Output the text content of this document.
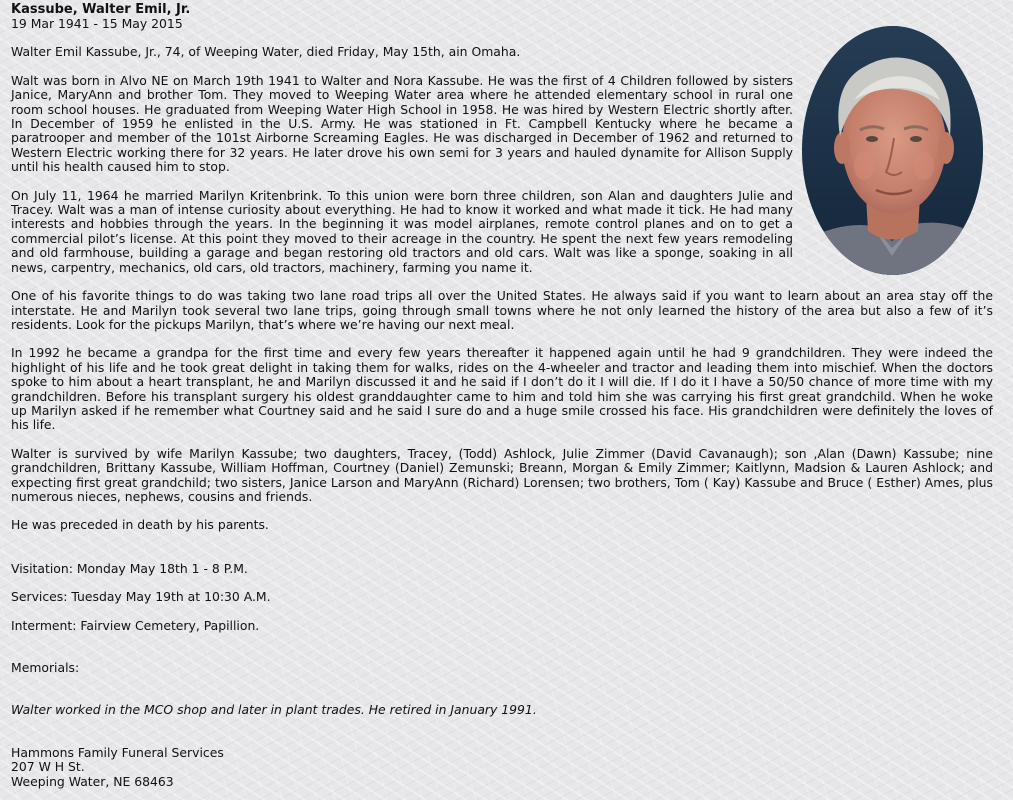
Kassube, Walter Emil, Jr.

19 Mar 1941 - 15 May 2015

Walter Emil Kassube, Jr., 74, of Weeping Water, died Friday, May 15th, ain Omaha.

Walt was born in Alvo NE on March 19th 1941 to Walter and Nora Kassube. He was the first of 4 Children followed by sisters Janice, MaryAnn and brother Tom. They moved to Weeping Water area where he attended elementary school in rural one room school houses. He graduated from Weeping Water High School in 1958. He was hired by Western Electric shortly after. In December of 1959 he enlisted in the U.S. Army. He was stationed in Ft. Campbell Kentucky where he became a paratrooper and member of the 101st Airborne Screaming Eagles. He was discharged in December of 1962 and returned to Western Electric working there for 32 years. He later drove his own semi for 3 years and hauled dynamite for Allison Supply until his health caused him to stop.

On July 11, 1964 he married Marilyn Kritenbrink. To this union were born three children, son Alan and daughters Julie and Tracey. Walt was a man of intense curiosity about everything. He had to know it worked and what made it tick. He had many interests and hobbies through the years. In the beginning it was model airplanes, remote control planes and on to get a commercial pilot’s license. At this point they moved to their acreage in the country. He spent the next few years remodeling and old farmhouse, building a garage and began restoring old tractors and old cars. Walt was like a sponge, soaking in all news, carpentry, mechanics, old cars, old tractors, machinery, farming you name it.

One of his favorite things to do was taking two lane road trips all over the United States. He always said if you want to learn about an area stay off the interstate. He and Marilyn took several two lane trips, going through small towns where he not only learned the history of the area but also a few of it’s residents. Look for the pickups Marilyn, that’s where we’re having our next meal.

In 1992 he became a grandpa for the first time and every few years thereafter it happened again until he had 9 grandchildren. They were indeed the highlight of his life and he took great delight in taking them for walks, rides on the 4-wheeler and tractor and leading them into mischief. When the doctors spoke to him about a heart transplant, he and Marilyn discussed it and he said if I don’t do it I will die. If I do it I have a 50/50 chance of more time with my grandchildren. Before his transplant surgery his oldest granddaughter came to him and told him she was carrying his first great grandchild. When he woke up Marilyn asked if he remember what Courtney said and he said I sure do and a huge smile crossed his face. His grandchildren were definitely the loves of his life.

Walter is survived by wife Marilyn Kassube; two daughters, Tracey, (Todd) Ashlock, Julie Zimmer (David Cavanaugh); son ,Alan (Dawn) Kassube; nine grandchildren, Brittany Kassube, William Hoffman, Courtney (Daniel) Zemunski; Breann, Morgan & Emily Zimmer; Kaitlynn, Madsion & Lauren Ashlock; and expecting first great grandchild; two sisters, Janice Larson and MaryAnn (Richard) Lorensen; two brothers, Tom ( Kay) Kassube and Bruce ( Esther) Ames, plus numerous nieces, nephews, cousins and friends.

He was preceded in death by his parents.

Visitation: Monday May 18th 1 - 8 P.M.

Services: Tuesday May 19th at 10:30 A.M.

Interment: Fairview Cemetery, Papillion.

Memorials:

Walter worked in the MCO shop and later in plant trades. He retired in January 1991.

Hammons Family Funeral Services

207 W H St.

Weeping Water, NE 68463
